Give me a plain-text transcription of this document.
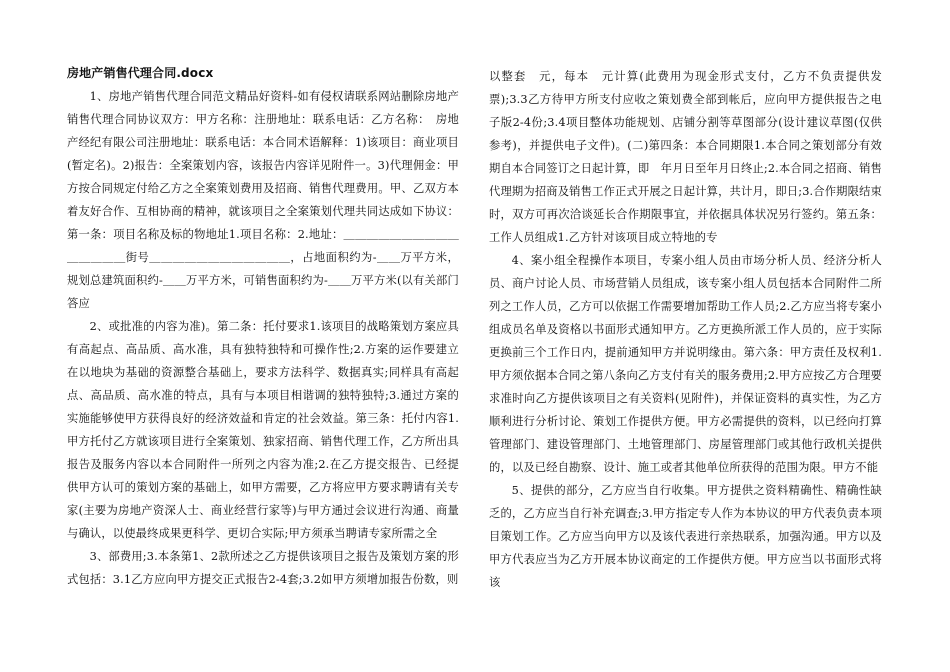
房地产销售代理合同.docx

1、房地产销售代理合同范文精品好资料-如有侵权请联系网站删除房地产销售代理合同协议双方：甲方名称：注册地址：联系电话：乙方名称：　房地产经纪有限公司注册地址：联系电话：本合同术语解释：1)该项目：商业项目(暂定名)。2)报告：全案策划内容，该报告内容详见附件一。3)代理佣金：甲方按合同规定付给乙方之全案策划费用及招商、销售代理费用。甲、乙双方本着友好合作、互相协商的精神，就该项目之全案策划代理共同达成如下协议：第一条：项目名称及标的物地址1.项目名称：2.地址：＿＿＿＿＿＿＿＿＿＿＿＿＿＿＿街号＿＿＿＿＿＿＿＿＿＿＿＿，占地面积约为-＿＿万平方米，规划总建筑面积约-＿＿万平方米，可销售面积约为-＿＿万平方米(以有关部门答应

2、或批准的内容为准)。第二条：托付要求1.该项目的战略策划方案应具有高起点、高品质、高水准，具有独特独特和可操作性;2.方案的运作要建立在以地块为基础的资源整合基础上，要求方法科学、数据真实;同样具有高起点、高品质、高水准的特点，具有与本项目相谐调的独特独特;3.通过方案的实施能够使甲方获得良好的经济效益和肯定的社会效益。第三条：托付内容1.甲方托付乙方就该项目进行全案策划、独家招商、销售代理工作，乙方所出具报告及服务内容以本合同附件一所列之内容为准;2.在乙方提交报告、已经提供甲方认可的策划方案的基础上，如甲方需要，乙方将应甲方要求聘请有关专家(主要为房地产资深人士、商业经营行家等)与甲方通过会议进行沟通、商量与确认，以使最终成果更科学、更切合实际;甲方须承当聘请专家所需之全

3、部费用;3.本条第1、2款所述之乙方提供该项目之报告及策划方案的形式包括：3.1乙方应向甲方提交正式报告2-4套;3.2如甲方须增加报告份数，则

以整套　元，每本　元计算(此费用为现金形式支付，乙方不负责提供发票);3.3乙方待甲方所支付应收之策划费全部到帐后，应向甲方提供报告之电子版2-4份;3.4项目整体功能规划、店铺分割等草图部分(设计建议草图(仅供参考)，并提供电子文件)。(二)第四条：本合同期限1.本合同之策划部分有效期自本合同签订之日起计算，即　年月日至年月日终止;2.本合同之招商、销售代理期为招商及销售工作正式开展之日起计算，共计月，即日;3.合作期限结束时，双方可再次洽谈延长合作期限事宜，并依据具体状况另行签约。第五条：工作人员组成1.乙方针对该项目成立特地的专

4、案小组全程操作本项目，专案小组人员由市场分析人员、经济分析人员、商户讨论人员、市场营销人员组成，该专案小组人员包括本合同附件二所列之工作人员，乙方可以依据工作需要增加帮助工作人员;2.乙方应当将专案小组成员名单及资格以书面形式通知甲方。乙方更换所派工作人员的，应于实际更换前三个工作日内，提前通知甲方并说明缘由。第六条：甲方责任及权利1.甲方须依据本合同之第八条向乙方支付有关的服务费用;2.甲方应按乙方合理要求准时向乙方提供该项目之有关资料(见附件)，并保证资料的真实性，为乙方顺利进行分析讨论、策划工作提供方便。甲方必需提供的资料，以已经向打算管理部门、建设管理部门、土地管理部门、房屋管理部门或其他行政机关提供的，以及已经自勘察、设计、施工或者其他单位所获得的范围为限。甲方不能

5、提供的部分，乙方应当自行收集。甲方提供之资料精确性、精确性缺乏的，乙方应当自行补充调查;3.甲方指定专人作为本协议的甲方代表负责本项目策划工作。乙方应当向甲方以及该代表进行亲热联系，加强沟通。甲方以及甲方代表应当为乙方开展本协议商定的工作提供方便。甲方应当以书面形式将该
